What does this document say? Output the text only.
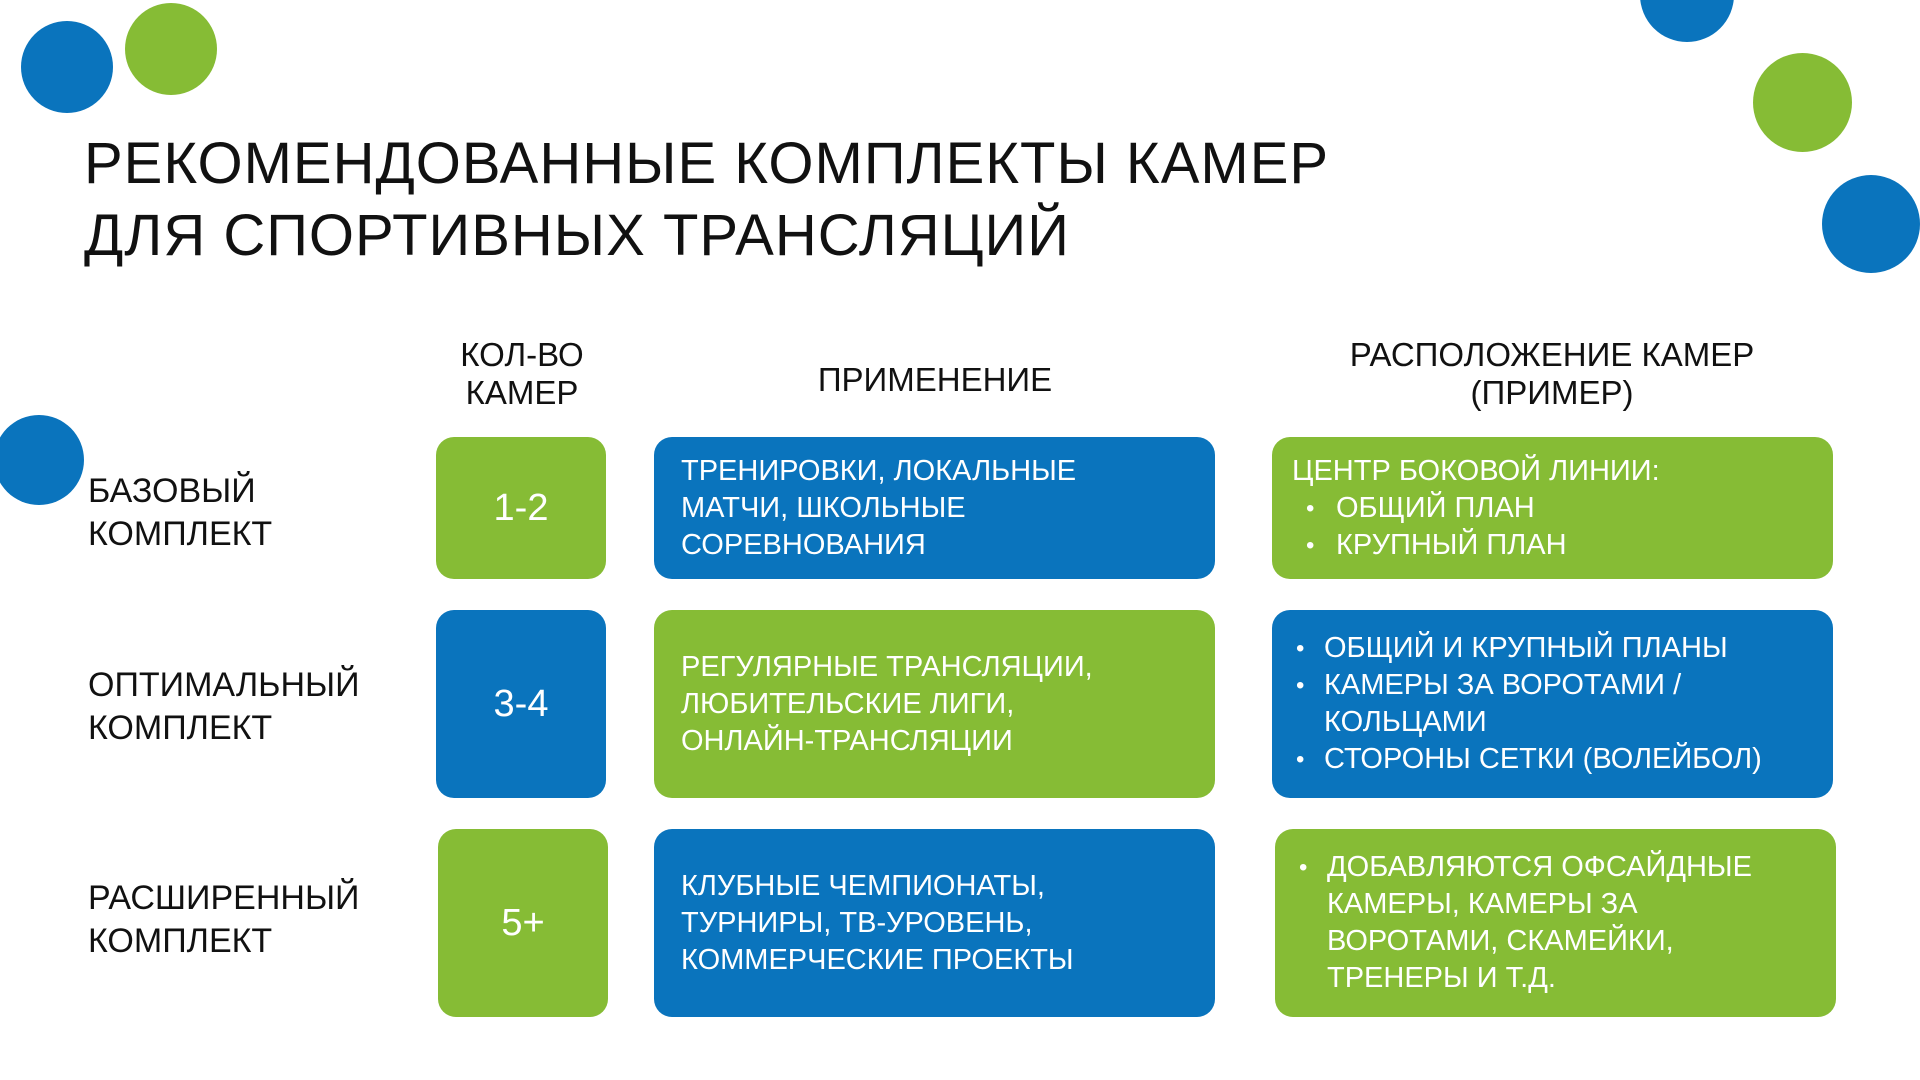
РЕКОМЕНДОВАННЫЕ КОМПЛЕКТЫ КАМЕР
ДЛЯ СПОРТИВНЫХ ТРАНСЛЯЦИЙ
КОЛ-ВО
КАМЕР	ПРИМЕНЕНИЕ
РАСПОЛОЖЕНИЕ КАМЕР
(ПРИМЕР)
БАЗОВЫЙ
КОМПЛЕКТ
1-2
ТРЕНИРОВКИ, ЛОКАЛЬНЫЕ
МАТЧИ, ШКОЛЬНЫЕ
СОРЕВНОВАНИЯ
ЦЕНТР БОКОВОЙ ЛИНИИ:
• ОБЩИЙ ПЛАН
• КРУПНЫЙ ПЛАН
ОПТИМАЛЬНЫЙ
КОМПЛЕКТ
3-4
РЕГУЛЯРНЫЕ ТРАНСЛЯЦИИ,
ЛЮБИТЕЛЬСКИЕ ЛИГИ,
ОНЛАЙН-ТРАНСЛЯЦИИ
• ОБЩИЙ И КРУПНЫЙ ПЛАНЫ
• КАМЕРЫ ЗА ВОРОТАМИ /
КОЛЬЦАМИ
• СТОРОНЫ СЕТКИ (ВОЛЕЙБОЛ)
РАСШИРЕННЫЙ
КОМПЛЕКТ	5+
КЛУБНЫЕ ЧЕМПИОНАТЫ,
ТУРНИРЫ, ТВ-УРОВЕНЬ,
КОММЕРЧЕСКИЕ ПРОЕКТЫ
• ДОБАВЛЯЮТСЯ ОФСАЙДНЫЕ
КАМЕРЫ, КАМЕРЫ ЗА
ВОРОТАМИ, СКАМЕЙКИ,
ТРЕНЕРЫ И Т.Д.
